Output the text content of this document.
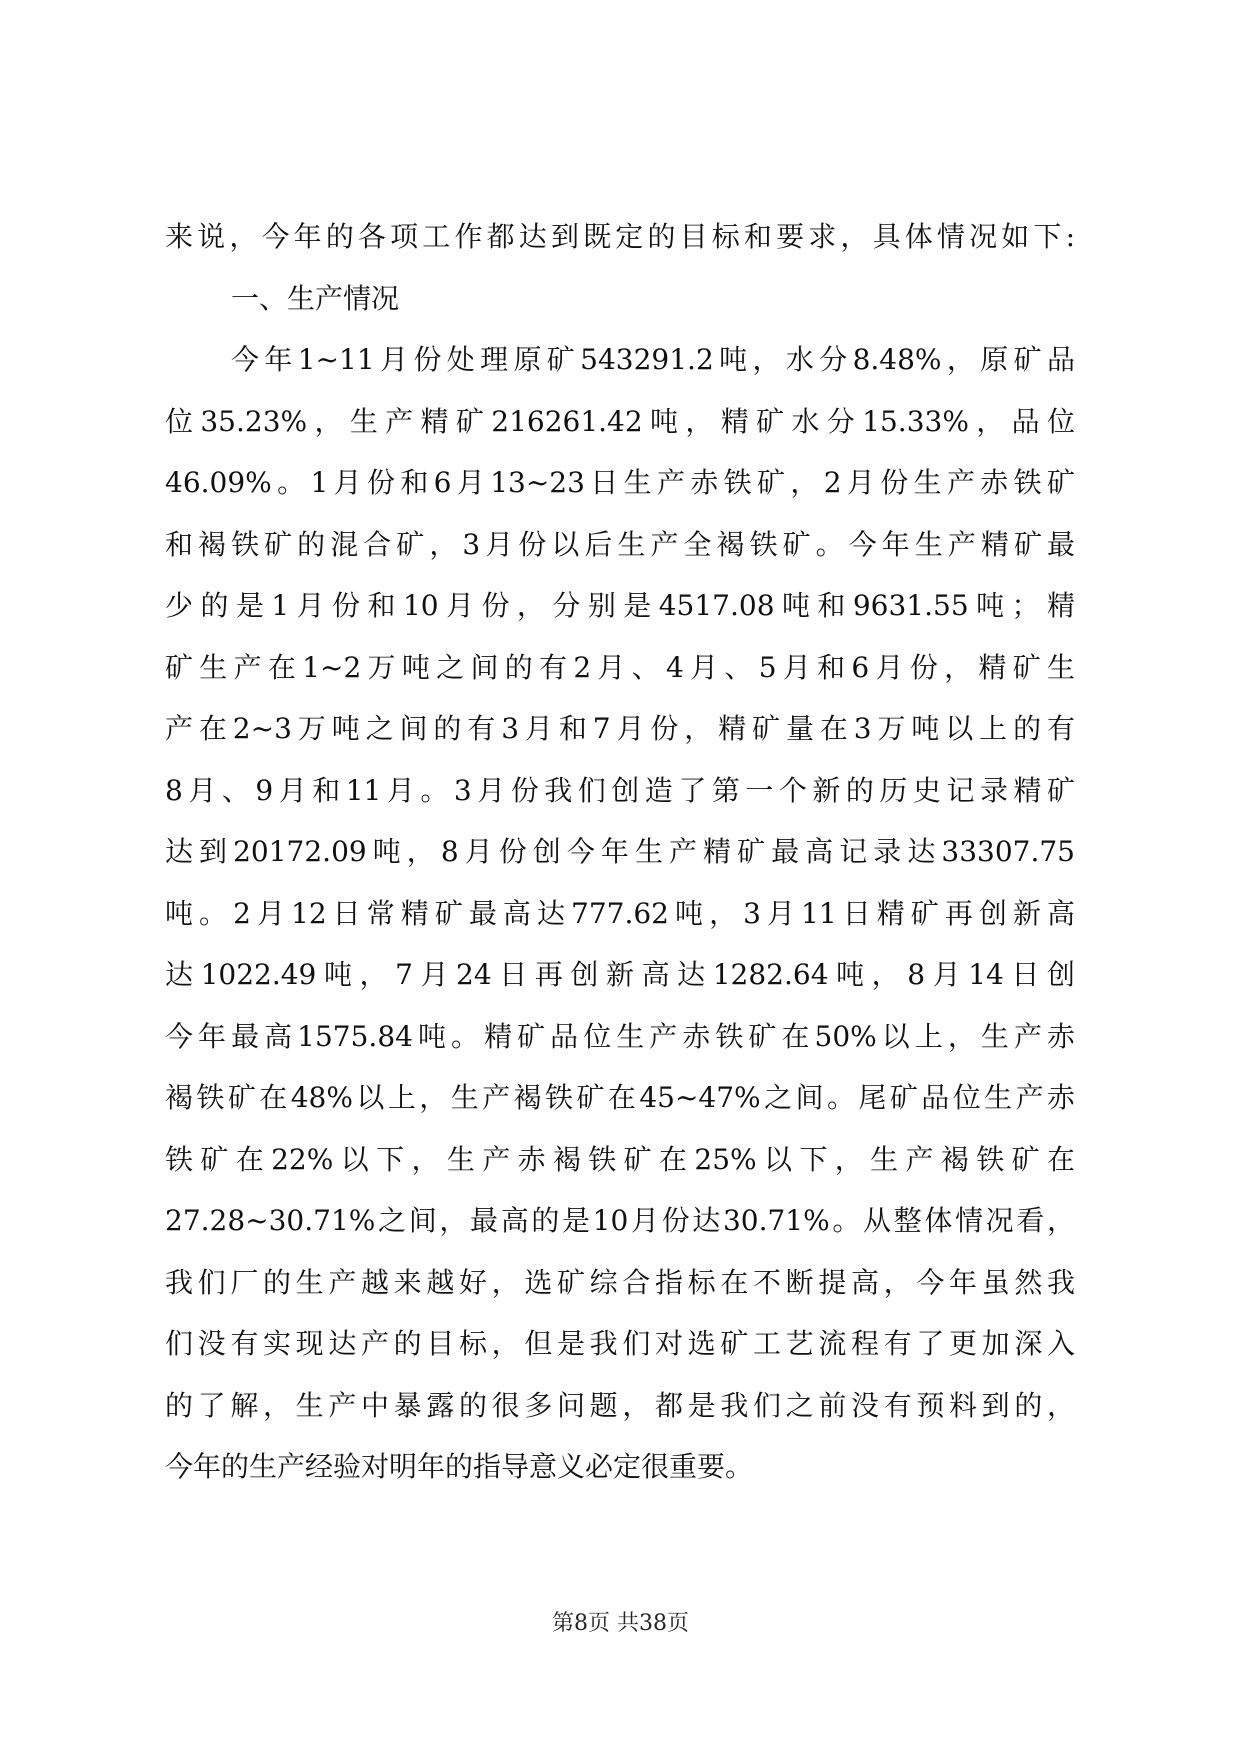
来说，今年的各项工作都达到既定的目标和要求，具体情况如下:
一、生产情况
今年1~11月份处理原矿543291.2吨，水分8.48%，原矿品
位35.23%，生产精矿216261.42吨，精矿水分15.33%，品位
46.09%。1月份和6月13~23日生产赤铁矿，2月份生产赤铁矿
和褐铁矿的混合矿，3月份以后生产全褐铁矿。今年生产精矿最
少的是1月份和10月份，分别是4517.08吨和9631.55吨；精
矿生产在1~2万吨之间的有2月、4月、5月和6月份，精矿生
产在2~3万吨之间的有3月和7月份，精矿量在3万吨以上的有
8月、9月和11月。3月份我们创造了第一个新的历史记录精矿
达到20172.09吨，8月份创今年生产精矿最高记录达33307.75
吨。2月12日常精矿最高达777.62吨，3月11日精矿再创新高
达1022.49吨，7月24日再创新高达1282.64吨，8月14日创
今年最高1575.84吨。精矿品位生产赤铁矿在50%以上，生产赤
褐铁矿在48%以上，生产褐铁矿在45~47%之间。尾矿品位生产赤
铁矿在22%以下，生产赤褐铁矿在25%以下，生产褐铁矿在
27.28~30.71%之间，最高的是10月份达30.71%。从整体情况看，
我们厂的生产越来越好，选矿综合指标在不断提高，今年虽然我
们没有实现达产的目标，但是我们对选矿工艺流程有了更加深入
的了解，生产中暴露的很多问题，都是我们之前没有预料到的，
今年的生产经验对明年的指导意义必定很重要。
第8页 共38页
